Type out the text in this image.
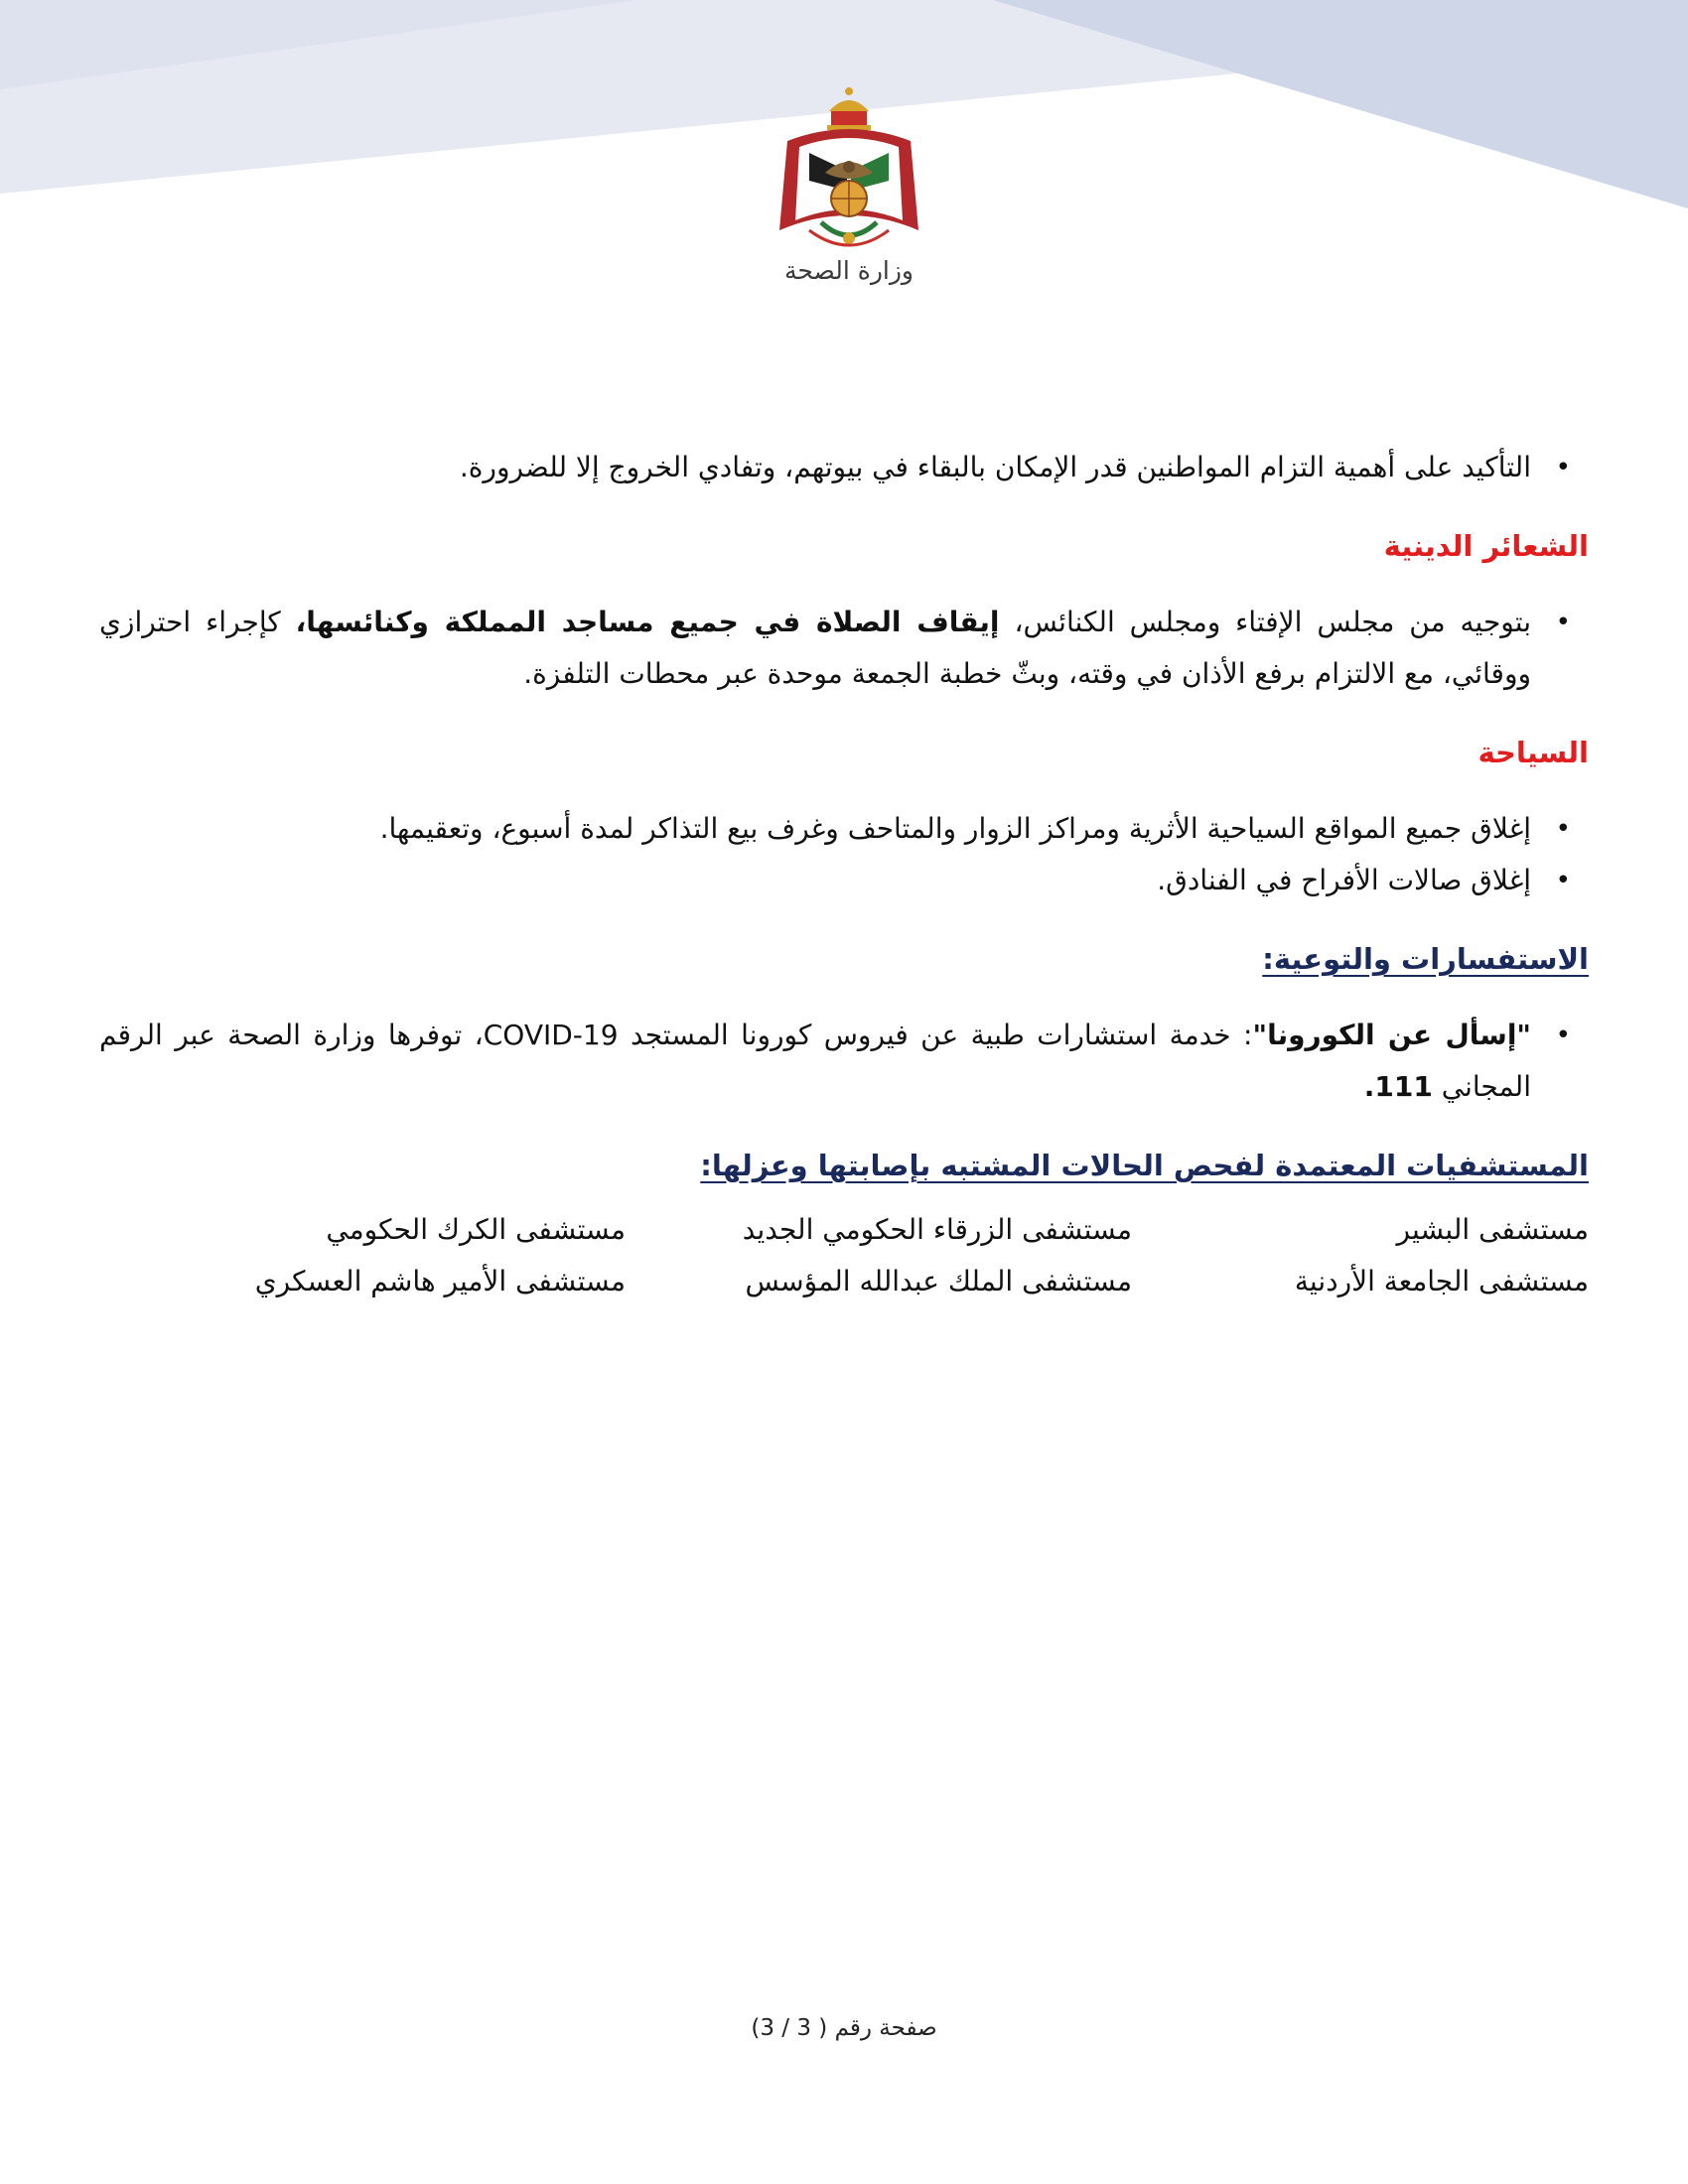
وزارة الصحة
• التأكيد على أهمية التزام المواطنين قدر الإمكان بالبقاء في بيوتهم، وتفادي الخروج إلا للضرورة.
الشعائر الدينية
• بتوجيه من مجلس الإفتاء ومجلس الكنائس، إيقاف الصلاة في جميع مساجد المملكة وكنائسها، كإجراء احترازي ووقائي، مع الالتزام برفع الأذان في وقته، وبثّ خطبة الجمعة موحدة عبر محطات التلفزة.
السياحة
• إغلاق جميع المواقع السياحية الأثرية ومراكز الزوار والمتاحف وغرف بيع التذاكر لمدة أسبوع، وتعقيمها.
• إغلاق صالات الأفراح في الفنادق.
الاستفسارات والتوعية:
• "إسأل عن الكورونا": خدمة استشارات طبية عن فيروس كورونا المستجد COVID-19، توفرها وزارة الصحة عبر الرقم المجاني 111.
المستشفيات المعتمدة لفحص الحالات المشتبه بإصابتها وعزلها:
مستشفى البشير	مستشفى الزرقاء الحكومي الجديد	مستشفى الكرك الحكومي
مستشفى الجامعة الأردنية	مستشفى الملك عبدالله المؤسس	مستشفى الأمير هاشم العسكري
صفحة رقم ( 3 / 3)
